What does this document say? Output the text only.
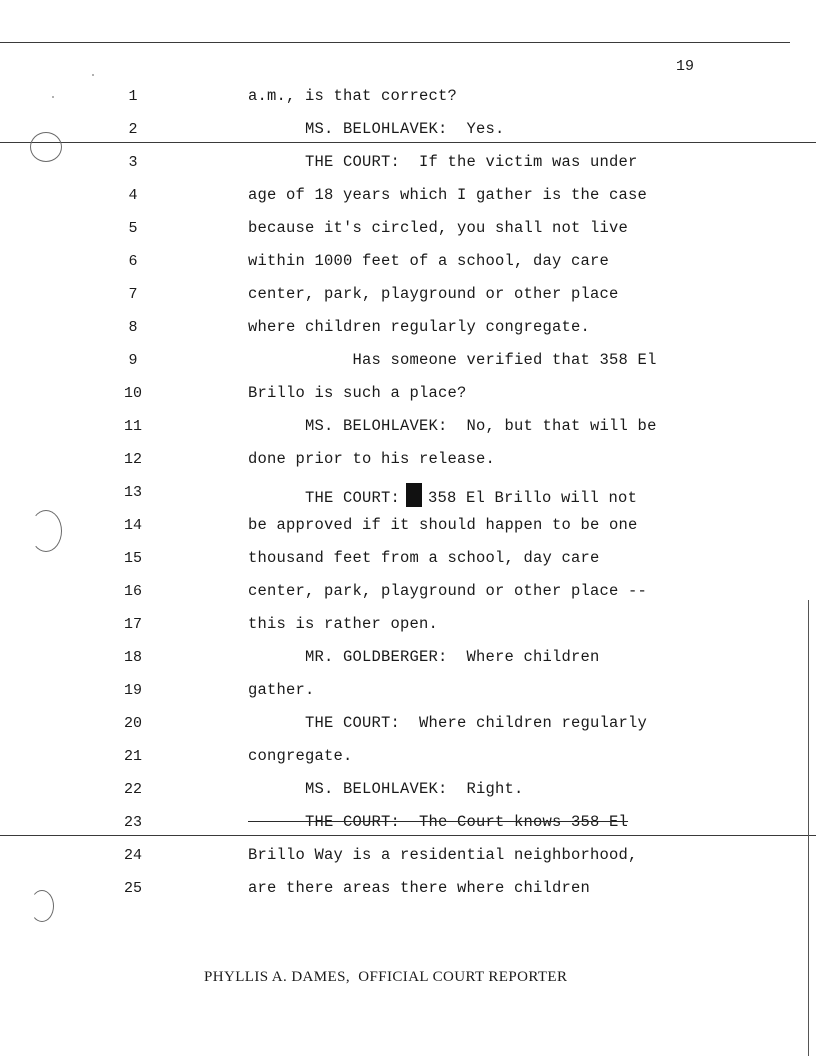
19
1	a.m., is that correct?
2	MS. BELOHLAVEK:  Yes.
3	THE COURT:  If the victim was under
4	age of 18 years which I gather is the case
5	because it's circled, you shall not live
6	within 1000 feet of a school, day care
7	center, park, playground or other place
8	where children regularly congregate.
9	Has someone verified that 358 El
10	Brillo is such a place?
11	MS. BELOHLAVEK:  No, but that will be
12	done prior to his release.
13	THE COURT: 358 El Brillo will not
14	be approved if it should happen to be one
15	thousand feet from a school, day care
16	center, park, playground or other place --
17	this is rather open.
18	MR. GOLDBERGER:  Where children
19	gather.
20	THE COURT:  Where children regularly
21	congregate.
22	MS. BELOHLAVEK:  Right.
23	THE COURT:  The Court knows 358 El
24	Brillo Way is a residential neighborhood,
25	are there areas there where children
PHYLLIS A. DAMES,  OFFICIAL COURT REPORTER
